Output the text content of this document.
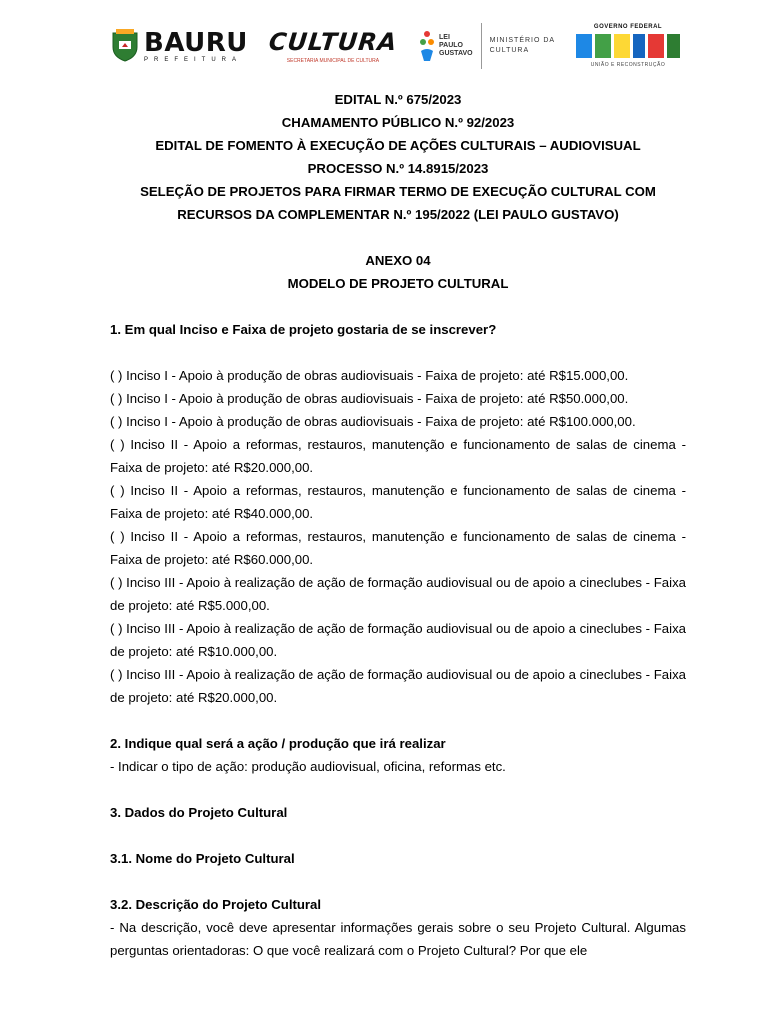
BAURU
PREFEITURA
CULTURA
SECRETARIA MUNICIPAL DE CULTURA
LEI
PAULO
GUSTAVO
MINISTÉRIO DA
CULTURA
GOVERNO FEDERAL
UNIÃO E RECONSTRUÇÃO
EDITAL N.º 675/2023
CHAMAMENTO PÚBLICO N.º 92/2023
EDITAL DE FOMENTO À EXECUÇÃO DE AÇÕES CULTURAIS – AUDIOVISUAL
PROCESSO N.º 14.8915/2023
SELEÇÃO DE PROJETOS PARA FIRMAR TERMO DE EXECUÇÃO CULTURAL COM RECURSOS DA COMPLEMENTAR N.º 195/2022 (LEI PAULO GUSTAVO)
ANEXO 04
MODELO DE PROJETO CULTURAL

1. Em qual Inciso e Faixa de projeto gostaria de se inscrever?

( ) Inciso I - Apoio à produção de obras audiovisuais - Faixa de projeto: até R$15.000,00.

( ) Inciso I - Apoio à produção de obras audiovisuais - Faixa de projeto: até R$50.000,00.

( ) Inciso I - Apoio à produção de obras audiovisuais - Faixa de projeto: até R$100.000,00.

( ) Inciso II - Apoio a reformas, restauros, manutenção e funcionamento de salas de cinema - Faixa de projeto: até R$20.000,00.

( ) Inciso II - Apoio a reformas, restauros, manutenção e funcionamento de salas de cinema - Faixa de projeto: até R$40.000,00.

( ) Inciso II - Apoio a reformas, restauros, manutenção e funcionamento de salas de cinema - Faixa de projeto: até R$60.000,00.

( ) Inciso III - Apoio à realização de ação de formação audiovisual ou de apoio a cineclubes - Faixa de projeto: até R$5.000,00.

( ) Inciso III - Apoio à realização de ação de formação audiovisual ou de apoio a cineclubes - Faixa de projeto: até R$10.000,00.

( ) Inciso III - Apoio à realização de ação de formação audiovisual ou de apoio a cineclubes - Faixa de projeto: até R$20.000,00.

2. Indique qual será a ação / produção que irá realizar

- Indicar o tipo de ação: produção audiovisual, oficina, reformas etc.

3. Dados do Projeto Cultural

3.1. Nome do Projeto Cultural

3.2. Descrição do Projeto Cultural

- Na descrição, você deve apresentar informações gerais sobre o seu Projeto Cultural. Algumas perguntas orientadoras: O que você realizará com o Projeto Cultural? Por que ele
